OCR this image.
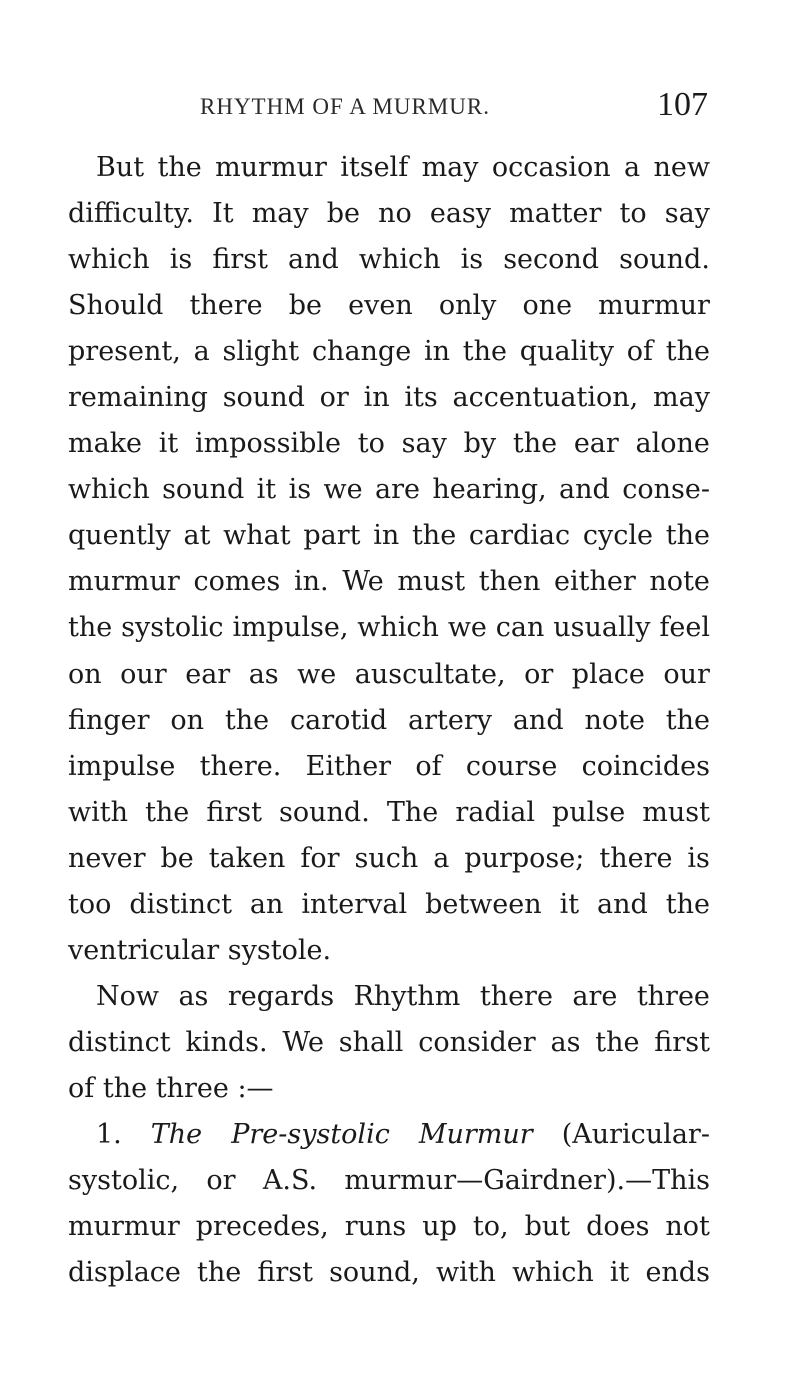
RHYTHM OF A MURMUR.	107
But the murmur itself may occasion a new
difficulty. It may be no easy matter to say
which is first and which is second sound.
Should there be even only one murmur
present, a slight change in the quality of the
remaining sound or in its accentuation, may
make it impossible to say by the ear alone
which sound it is we are hearing, and conse-
quently at what part in the cardiac cycle the
murmur comes in. We must then either note
the systolic impulse, which we can usually feel
on our ear as we auscultate, or place our
finger on the carotid artery and note the
impulse there. Either of course coincides
with the first sound. The radial pulse must
never be taken for such a purpose; there is
too distinct an interval between it and the
ventricular systole.
Now as regards Rhythm there are three
distinct kinds. We shall consider as the first
of the three :—
1. The Pre-systolic Murmur (Auricular-
systolic, or A.S. murmur—Gairdner).—This
murmur precedes, runs up to, but does not
displace the first sound, with which it ends
